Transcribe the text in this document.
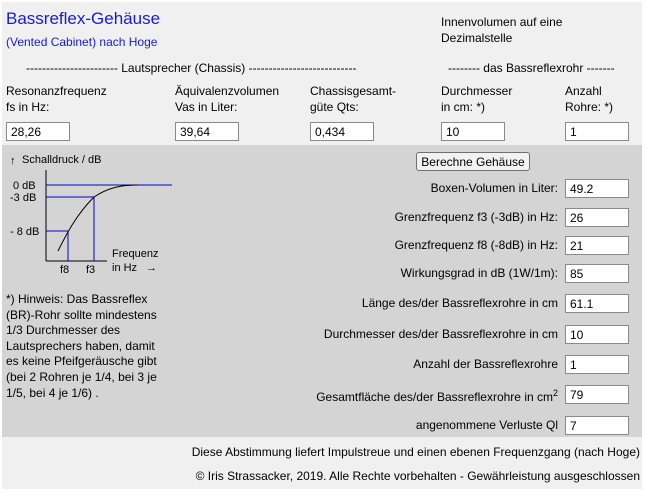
Bassreflex-Gehäuse
(Vented Cabinet) nach Hoge
Innenvolumen auf eine Dezimalstelle
----------------------- Lautsprecher (Chassis) ---------------------------	-------- das Bassreflexrohr -------
Resonanzfrequenz
fs in Hz:
Äquivalenzvolumen
Vas in Liter:
Chassisgesamt-
güte Qts:
Durchmesser
in cm: *)
Anzahl
Rohre: *)
28,26
39,64
0,434
10
1
↑ Schalldruck / dB
0 dB
-3 dB
- 8 dB
f8 f3
Frequenz
in Hz →
*) Hinweis: Das Bassreflex (BR)-Rohr sollte mindestens 1/3 Durchmesser des Lautsprechers haben, damit es keine Pfeifgeräusche gibt (bei 2 Rohren je 1/4, bei 3 je 1/5, bei 4 je 1/6) .
Berechne Gehäuse
Boxen-Volumen in Liter:
49.2
Grenzfrequenz f3 (-3dB) in Hz:
26
Grenzfrequenz f8 (-8dB) in Hz:
21
Wirkungsgrad in dB (1W/1m):
85
Länge des/der Bassreflexrohre in cm
61.1
Durchmesser des/der Bassreflexrohre in cm
10
Anzahl der Bassreflexrohre
1
Gesamtfläche des/der Bassreflexrohre in $cm^2$
79
angenommene Verluste Ql
7
Diese Abstimmung liefert Impulstreue und einen ebenen Frequenzgang (nach Hoge)
© Iris Strassacker, 2019. Alle Rechte vorbehalten - Gewährleistung ausgeschlossen
